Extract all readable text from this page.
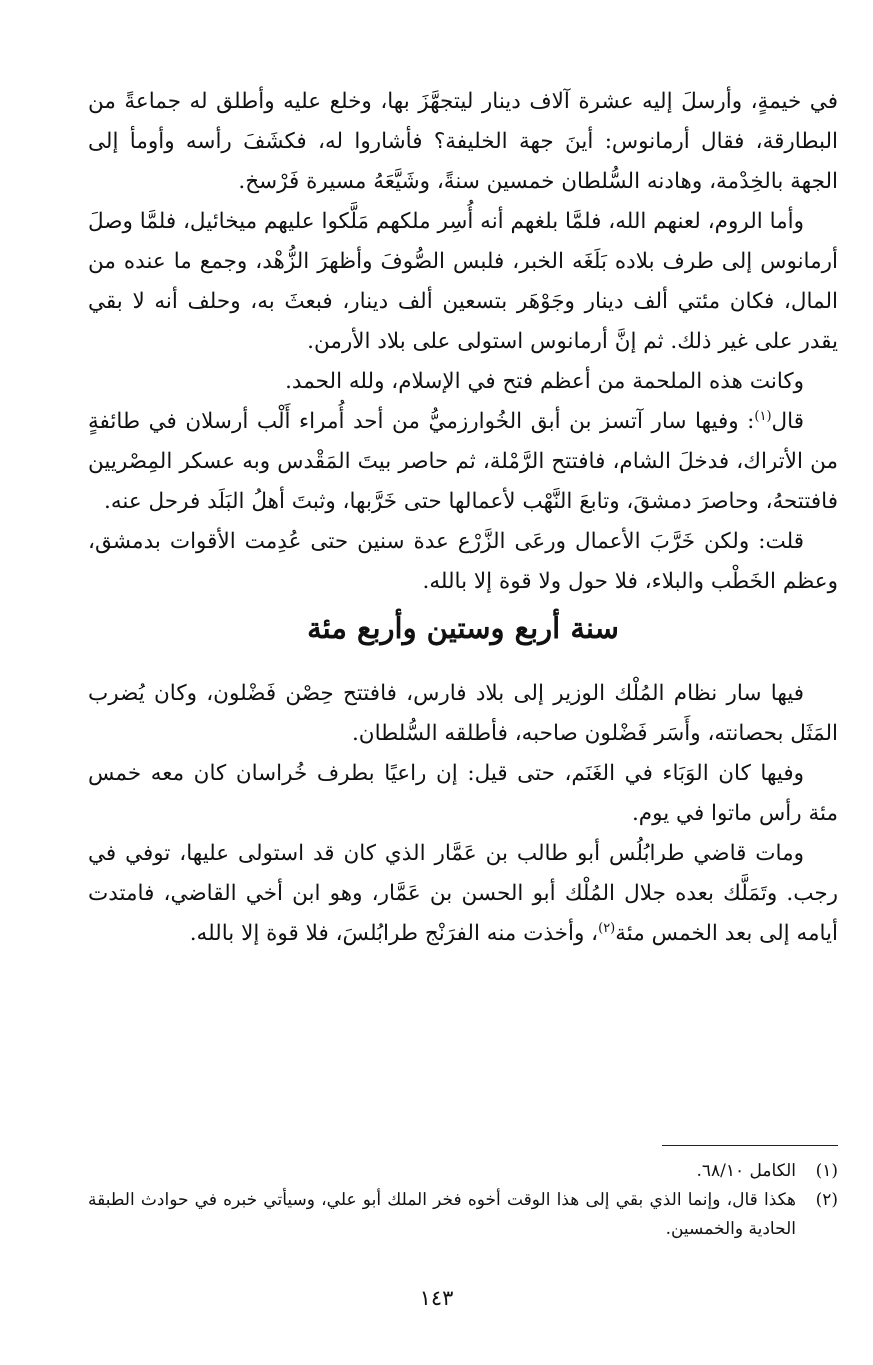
في خيمةٍ، وأرسلَ إليه عشرة آلاف دينار ليتجهَّزَ بها، وخلع عليه وأطلق له جماعةً من البطارقة، فقال أرمانوس: أينَ جهة الخليفة؟ فأشاروا له، فكشَفَ رأسه وأومأ إلى الجهة بالخِدْمة، وهادنه السُّلطان خمسين سنةً، وشَيَّعَهُ مسيرة فَرْسخ.

وأما الروم، لعنهم الله، فلمَّا بلغهم أنه أُسِر ملكهم مَلَّكوا عليهم ميخائيل، فلمَّا وصلَ أرمانوس إلى طرف بلاده بَلَغَه الخبر، فلبس الصُّوفَ وأظهرَ الزُّهْد، وجمع ما عنده من المال، فكان مئتي ألف دينار وجَوْهَر بتسعين ألف دينار، فبعثَ به، وحلف أنه لا بقي يقدر على غير ذلك. ثم إنَّ أرمانوس استولى على بلاد الأرمن.

وكانت هذه الملحمة من أعظم فتح في الإسلام، ولله الحمد.

قال$^{(١)}$: وفيها سار آتسز بن أبق الخُوارزميُّ من أحد أُمراء أَلْب أرسلان في طائفةٍ من الأتراك، فدخلَ الشام، فافتتح الرَّمْلة، ثم حاصر بيتَ المَقْدس وبه عسكر المِصْريين فافتتحهُ، وحاصرَ دمشقَ، وتابعَ النَّهْب لأعمالها حتى خَرَّبها، وثبتَ أهلُ البَلَد فرحل عنه.

قلت: ولكن خَرَّبَ الأعمال ورعَى الزَّرْع عدة سنين حتى عُدِمت الأقوات بدمشق، وعظم الخَطْب والبلاء، فلا حول ولا قوة إلا بالله.

سنة أربع وستين وأربع مئة

فيها سار نظام المُلْك الوزير إلى بلاد فارس، فافتتح حِصْن فَضْلون، وكان يُضرب المَثَل بحصانته، وأَسَر فَضْلون صاحبه، فأطلقه السُّلطان.

وفيها كان الوَبَاء في الغَنَم، حتى قيل: إن راعيًا بطرف خُراسان كان معه خمس مئة رأس ماتوا في يوم.

ومات قاضي طرابُلُس أبو طالب بن عَمَّار الذي كان قد استولى عليها، توفي في رجب. وتَمَلَّك بعده جلال المُلْك أبو الحسن بن عَمَّار، وهو ابن أخي القاضي، فامتدت أيامه إلى بعد الخمس مئة$^{(٢)}$، وأخذت منه الفرَنْج طرابُلسَ، فلا قوة إلا بالله.

(١)
الكامل ٦٨/١٠.

(٢)
هكذا قال، وإنما الذي بقي إلى هذا الوقت أخوه فخر الملك أبو علي، وسيأتي خبره في حوادث الطبقة الحادية والخمسين.

١٤٣
